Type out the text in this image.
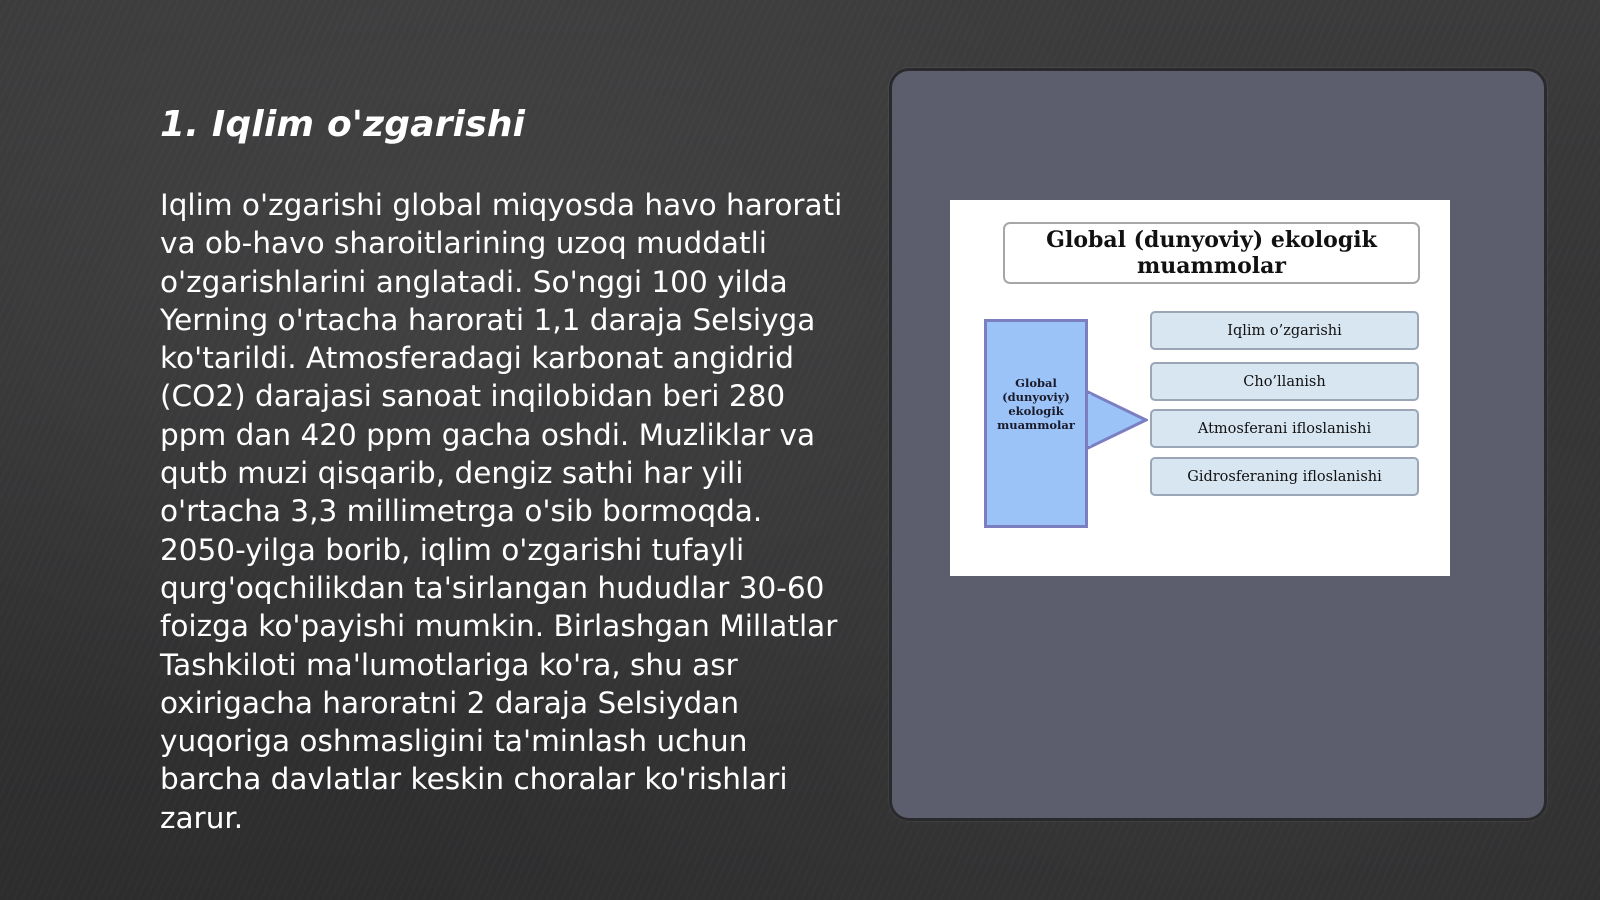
1. Iqlim o'zgarishi

Iqlim o'zgarishi global miqyosda havo harorati va ob-havo sharoitlarining uzoq muddatli o'zgarishlarini anglatadi. So'nggi 100 yilda Yerning o'rtacha harorati 1,1 daraja Selsiyga ko'tarildi. Atmosferadagi karbonat angidrid (CO2) darajasi sanoat inqilobidan beri 280 ppm dan 420 ppm gacha oshdi. Muzliklar va qutb muzi qisqarib, dengiz sathi har yili o'rtacha 3,3 millimetrga o'sib bormoqda. 2050-yilga borib, iqlim o'zgarishi tufayli qurg'oqchilikdan ta'sirlangan hududlar 30-60 foizga ko'payishi mumkin. Birlashgan Millatlar Tashkiloti ma'lumotlariga ko'ra, shu asr oxirigacha haroratni 2 daraja Selsiydan yuqoriga oshmasligini ta'minlash uchun barcha davlatlar keskin choralar ko'rishlari zarur.

Global (dunyoviy) ekologik muammolar
Global (dunyoviy) ekologik muammolar
Iqlim o’zgarishi
Cho’llanish
Atmosferani ifloslanishi
Gidrosferaning ifloslanishi
